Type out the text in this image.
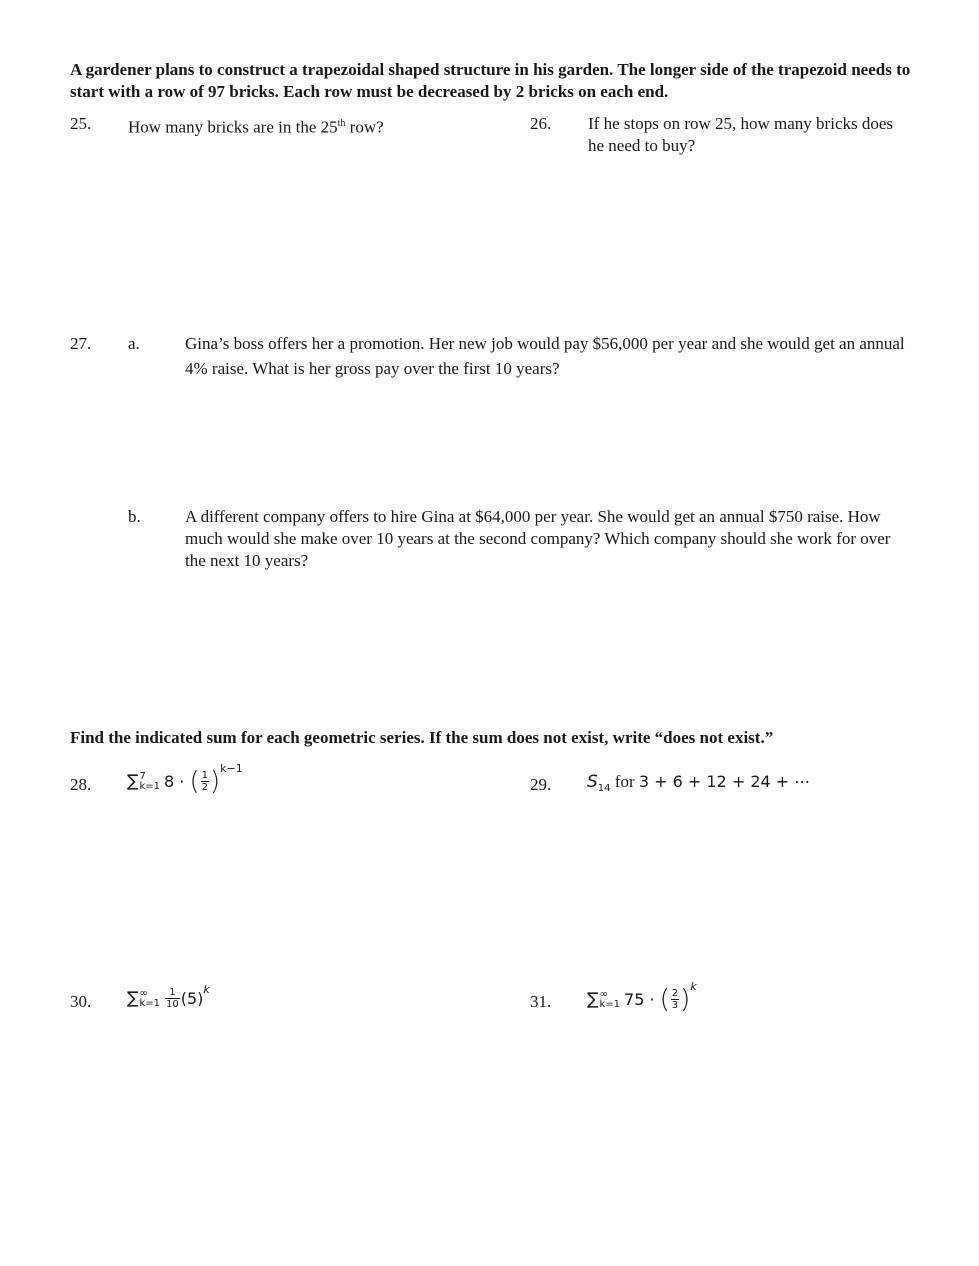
A gardener plans to construct a trapezoidal shaped structure in his garden. The longer side of the trapezoid needs to start with a row of 97 bricks. Each row must be decreased by 2 bricks on each end.
25.	How many bricks are in the 25th row?	26.	If he stops on row 25, how many bricks does he need to buy?
27.	a.	Gina’s boss offers her a promotion. Her new job would pay $56,000 per year and she would get an annual 4% raise. What is her gross pay over the first 10 years?
b.	A different company offers to hire Gina at $64,000 per year. She would get an annual $750 raise. How much would she make over 10 years at the second company? Which company should she work for over the next 10 years?
Find the indicated sum for each geometric series. If the sum does not exist, write “does not exist.”
28.	∑ 7
k=1 8 · ( $\frac{1}{2} )^{k-1}$
29.	$S_{14}$ for 3 + 6 + 12 + 24 + ⋯
30.	∑ ∞
$k=1 \frac{1}{10} (5)^k$
31.	∑ ∞
k=1 75 · ( $\frac{2}{3} )^k$
